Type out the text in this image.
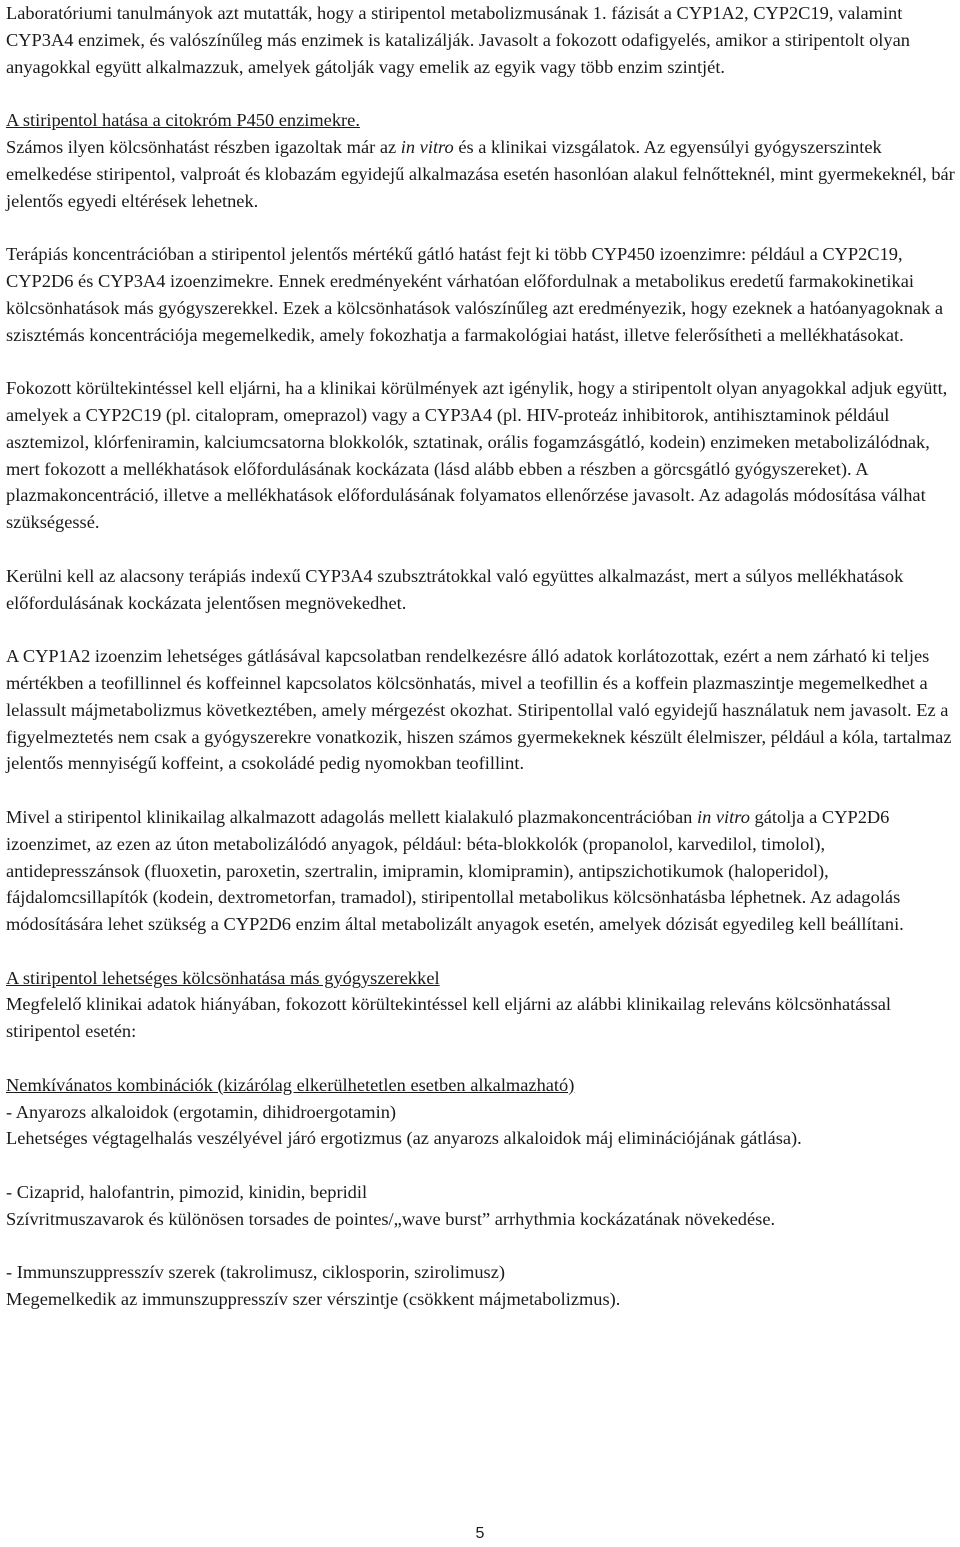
Laboratóriumi tanulmányok azt mutatták, hogy a stiripentol metabolizmusának 1. fázisát a CYP1A2, CYP2C19, valamint CYP3A4 enzimek, és valószínűleg más enzimek is katalizálják. Javasolt a fokozott odafigyelés, amikor a stiripentolt olyan anyagokkal együtt alkalmazzuk, amelyek gátolják vagy emelik az egyik vagy több enzim szintjét.

A stiripentol hatása a citokróm P450 enzimekre.

Számos ilyen kölcsönhatást részben igazoltak már az in vitro és a klinikai vizsgálatok. Az egyensúlyi gyógyszerszintek emelkedése stiripentol, valproát és klobazám egyidejű alkalmazása esetén hasonlóan alakul felnőtteknél, mint gyermekeknél, bár jelentős egyedi eltérések lehetnek.

Terápiás koncentrációban a stiripentol jelentős mértékű gátló hatást fejt ki több CYP450 izoenzimre: például a CYP2C19, CYP2D6 és CYP3A4 izoenzimekre. Ennek eredményeként várhatóan előfordulnak a metabolikus eredetű farmakokinetikai kölcsönhatások más gyógyszerekkel. Ezek a kölcsönhatások valószínűleg azt eredményezik, hogy ezeknek a hatóanyagoknak a szisztémás koncentrációja megemelkedik, amely fokozhatja a farmakológiai hatást, illetve felerősítheti a mellékhatásokat.

Fokozott körültekintéssel kell eljárni, ha a klinikai körülmények azt igénylik, hogy a stiripentolt olyan anyagokkal adjuk együtt, amelyek a CYP2C19 (pl. citalopram, omeprazol) vagy a CYP3A4 (pl. HIV-proteáz inhibitorok, antihisztaminok például asztemizol, klórfeniramin, kalciumcsatorna blokkolók, sztatinak, orális fogamzásgátló, kodein) enzimeken metabolizálódnak, mert fokozott a mellékhatások előfordulásának kockázata (lásd alább ebben a részben a görcsgátló gyógyszereket). A plazmakoncentráció, illetve a mellékhatások előfordulásának folyamatos ellenőrzése javasolt. Az adagolás módosítása válhat szükségessé.

Kerülni kell az alacsony terápiás indexű CYP3A4 szubsztrátokkal való együttes alkalmazást, mert a súlyos mellékhatások előfordulásának kockázata jelentősen megnövekedhet.

A CYP1A2 izoenzim lehetséges gátlásával kapcsolatban rendelkezésre álló adatok korlátozottak, ezért a nem zárható ki teljes mértékben a teofillinnel és koffeinnel kapcsolatos kölcsönhatás, mivel a teofillin és a koffein plazmaszintje megemelkedhet a lelassult májmetabolizmus következtében, amely mérgezést okozhat. Stiripentollal való egyidejű használatuk nem javasolt. Ez a figyelmeztetés nem csak a gyógyszerekre vonatkozik, hiszen számos gyermekeknek készült élelmiszer, például a kóla, tartalmaz jelentős mennyiségű koffeint, a csokoládé pedig nyomokban teofillint.

Mivel a stiripentol klinikailag alkalmazott adagolás mellett kialakuló plazmakoncentrációban in vitro gátolja a CYP2D6 izoenzimet, az ezen az úton metabolizálódó anyagok, például: béta-blokkolók (propanolol, karvedilol, timolol), antidepresszánsok (fluoxetin, paroxetin, szertralin, imipramin, klomipramin), antipszichotikumok (haloperidol), fájdalomcsillapítók (kodein, dextrometorfan, tramadol), stiripentollal metabolikus kölcsönhatásba léphetnek. Az adagolás módosítására lehet szükség a CYP2D6 enzim által metabolizált anyagok esetén, amelyek dózisát egyedileg kell beállítani.

A stiripentol lehetséges kölcsönhatása más gyógyszerekkel

Megfelelő klinikai adatok hiányában, fokozott körültekintéssel kell eljárni az alábbi klinikailag releváns kölcsönhatással stiripentol esetén:

Nemkívánatos kombinációk (kizárólag elkerülhetetlen esetben alkalmazható)

- Anyarozs alkaloidok (ergotamin, dihidroergotamin)

Lehetséges végtagelhalás veszélyével járó ergotizmus (az anyarozs alkaloidok máj eliminációjának gátlása).

- Cizaprid, halofantrin, pimozid, kinidin, bepridil

Szívritmuszavarok és különösen torsades de pointes/„wave burst” arrhythmia kockázatának növekedése.

- Immunszuppresszív szerek (takrolimusz, ciklosporin, szirolimusz)

Megemelkedik az immunszuppresszív szer vérszintje (csökkent májmetabolizmus).

5
